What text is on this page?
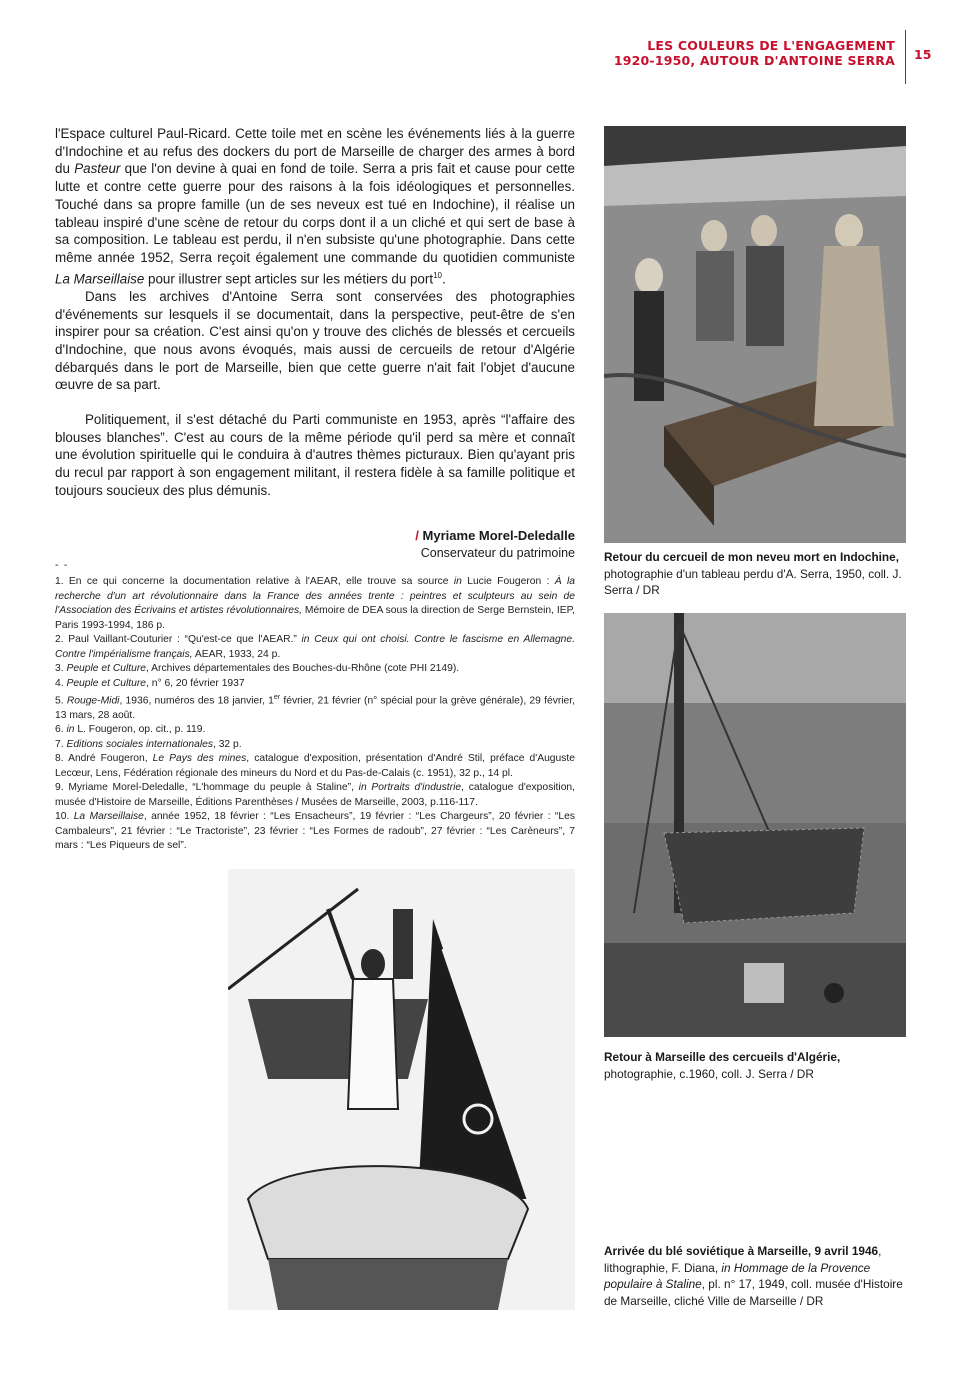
LES COULEURS DE L'ENGAGEMENT
1920-1950, AUTOUR D'ANTOINE SERRA 15

l'Espace culturel Paul-Ricard. Cette toile met en scène les événements liés à la guerre d'Indochine et au refus des dockers du port de Marseille de charger des armes à bord du Pasteur que l'on devine à quai en fond de toile. Serra a pris fait et cause pour cette lutte et contre cette guerre pour des raisons à la fois idéologiques et personnelles. Touché dans sa propre famille (un de ses neveux est tué en Indochine), il réalise un tableau inspiré d'une scène de retour du corps dont il a un cliché et qui sert de base à sa composition. Le tableau est perdu, il n'en subsiste qu'une photographie. Dans cette même année 1952, Serra reçoit également une commande du quotidien communiste La Marseillaise pour illustrer sept articles sur les métiers du port$^{10}$.

Dans les archives d'Antoine Serra sont conservées des photographies d'événements sur lesquels il se documentait, dans la perspective, peut-être de s'en inspirer pour sa création. C'est ainsi qu'on y trouve des clichés de blessés et cercueils d'Indochine, que nous avons évoqués, mais aussi de cercueils de retour d'Algérie débarqués dans le port de Marseille, bien que cette guerre n'ait fait l'objet d'aucune œuvre de sa part.

Politiquement, il s'est détaché du Parti communiste en 1953, après “l'affaire des blouses blanches”. C'est au cours de la même période qu'il perd sa mère et connaît une évolution spirituelle qui le conduira à d'autres thèmes picturaux. Bien qu'ayant pris du recul par rapport à son engagement militant, il restera fidèle à sa famille politique et toujours soucieux des plus démunis.

/ Myriame Morel-Deledalle
Conservateur du patrimoine
- -
1. En ce qui concerne la documentation relative à l'AEAR, elle trouve sa source in Lucie Fougeron : À la recherche d'un art révolutionnaire dans la France des années trente : peintres et sculpteurs au sein de l'Association des Écrivains et artistes révolutionnaires, Mémoire de DEA sous la direction de Serge Bernstein, IEP, Paris 1993-1994, 186 p.
2. Paul Vaillant-Couturier : “Qu'est-ce que l'AEAR.” in Ceux qui ont choisi. Contre le fascisme en Allemagne. Contre l'impérialisme français, AEAR, 1933, 24 p.
3. Peuple et Culture, Archives départementales des Bouches-du-Rhône (cote PHI 2149).
4. Peuple et Culture, n° 6, 20 février 1937
5. Rouge-Midi, 1936, numéros des 18 janvier, 1er février, 21 février (n° spécial pour la grève générale), 29 février, 13 mars, 28 août.
6. in L. Fougeron, op. cit., p. 119.
7. Editions sociales internationales, 32 p.
8. André Fougeron, Le Pays des mines, catalogue d'exposition, présentation d'André Stil, préface d'Auguste Lecœur, Lens, Fédération régionale des mineurs du Nord et du Pas-de-Calais (c. 1951), 32 p., 14 pl.
9. Myriame Morel-Deledalle, “L'hommage du peuple à Staline”, in Portraits d'industrie, catalogue d'exposition, musée d'Histoire de Marseille, Éditions Parenthèses / Musées de Marseille, 2003, p.116-117.
10. La Marseillaise, année 1952, 18 février : “Les Ensacheurs”, 19 février : “Les Chargeurs”, 20 février : “Les Cambaleurs”, 21 février : “Le Tractoriste”, 23 février : “Les Formes de radoub”, 27 février : “Les Carèneurs”, 7 mars : “Les Piqueurs de sel”.
Retour du cercueil de mon neveu mort en Indochine,
photographie d'un tableau perdu d'A. Serra, 1950, coll. J. Serra / DR
Retour à Marseille des cercueils d'Algérie, photographie, c.1960, coll. J. Serra / DR
Arrivée du blé soviétique à Marseille, 9 avril 1946, lithographie, F. Diana, in Hommage de la Provence populaire à Staline, pl. n° 17, 1949, coll. musée d'Histoire de Marseille, cliché Ville de Marseille / DR
